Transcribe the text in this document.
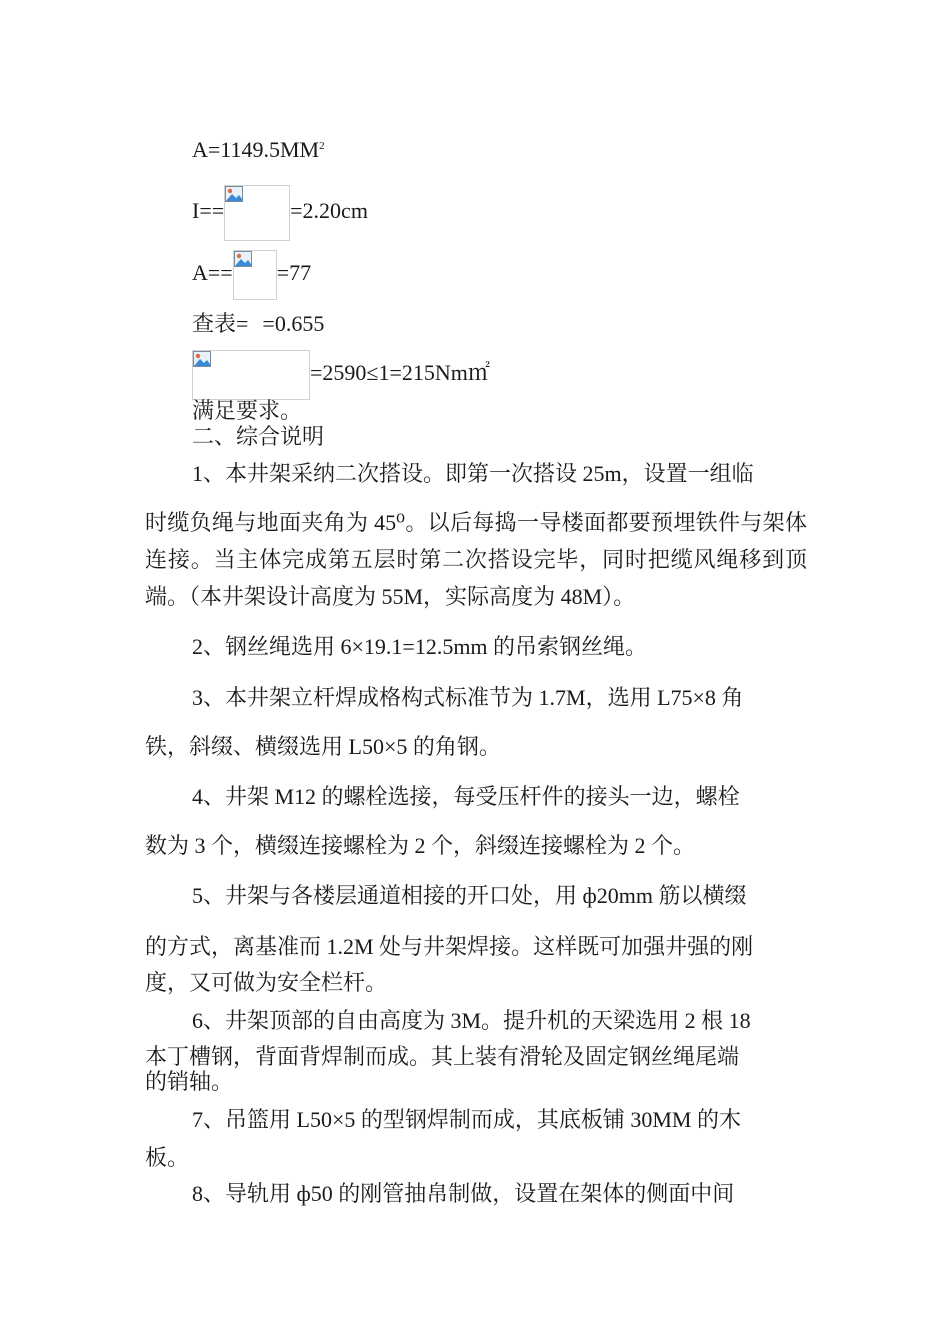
$A=1149.5MM^2$
I==	=2.20cm
A== =77
查表= =0.655
=2590≤1=215Nm㎡
满足要求。
二、综合说明

1、本井架采纳二次搭设。即第一次搭设 25m，设置一组临

时缆负绳与地面夹角为 45⁰。以后每捣一导楼面都要预埋铁件与架体连接。当主体完成第五层时第二次搭设完毕，同时把缆风绳移到顶端。（本井架设计高度为 55M，实际高度为 48M）。

2、钢丝绳选用 6×19.1=12.5mm 的吊索钢丝绳。
3、本井架立杆焊成格构式标准节为 1.7M，选用 L75×8 角
铁，斜缀、横缀选用 L50×5 的角钢。
4、井架 M12 的螺栓选接，每受压杆件的接头一边，螺栓
数为 3 个，横缀连接螺栓为 2 个，斜缀连接螺栓为 2 个。
5、井架与各楼层通道相接的开口处，用 ф20mm 筋以横缀
的方式，离基准而 1.2M 处与井架焊接。这样既可加强井强的刚
度，又可做为安全栏杆。
6、井架顶部的自由高度为 3M。提升机的天梁选用 2 根 18
本丁槽钢，背面背焊制而成。其上装有滑轮及固定钢丝绳尾端
的销轴。
7、吊篮用 L50×5 的型钢焊制而成，其底板铺 30MM 的木
板。
8、导轨用 ф50 的刚管抽帛制做，设置在架体的侧面中间
